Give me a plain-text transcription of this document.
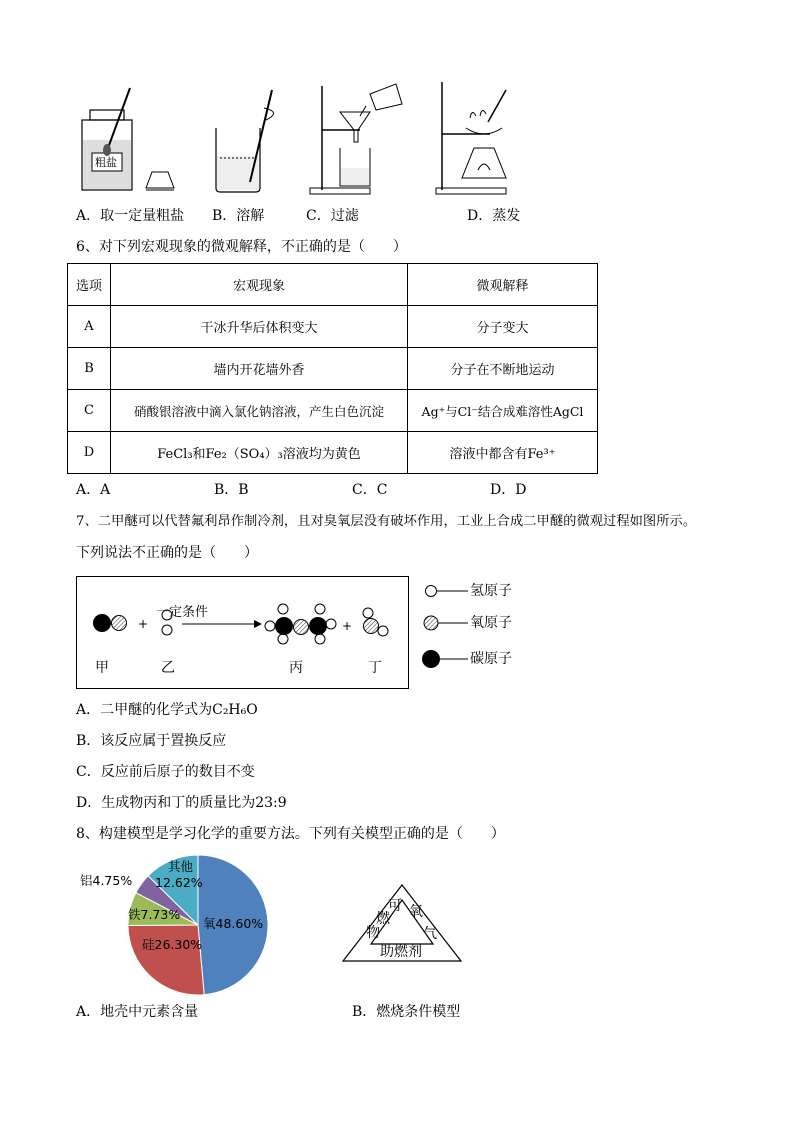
粗盐
A．取一定量粗盐 B．溶解	C．过滤	D．蒸发
6、对下列宏观现象的微观解释，不正确的是（　　）
选项	宏观现象	微观解释
A	干冰升华后体积变大	分子变大
B	墙内开花墙外香	分子在不断地运动
C	硝酸银溶液中滴入氯化钠溶液，产生白色沉淀	Ag⁺与Cl⁻结合成难溶性AgCl
D	FeCl₃和Fe₂（SO₄）₃溶液均为黄色	溶液中都含有Fe³⁺
A．A	B．B	C．C	D．D
7、二甲醚可以代替氟利昂作制冷剂，且对臭氧层没有破坏作用，工业上合成二甲醚的微观过程如图所示。
下列说法不正确的是（　　）
+	+
一定条件
甲	乙	丙	丁
氢原子
氧原子
碳原子
A．二甲醚的化学式为C₂H₆O
B．该反应属于置换反应
C．反应前后原子的数目不变
D．生成物丙和丁的质量比为23:9
8、构建模型是学习化学的重要方法。下列有关模型正确的是（　　）
氧48.60%
硅26.30%
铁7.73%
铝4.75%
其他
12.62%
可
燃
物
氧
气
助燃剂
A．地壳中元素含量	B．燃烧条件模型
